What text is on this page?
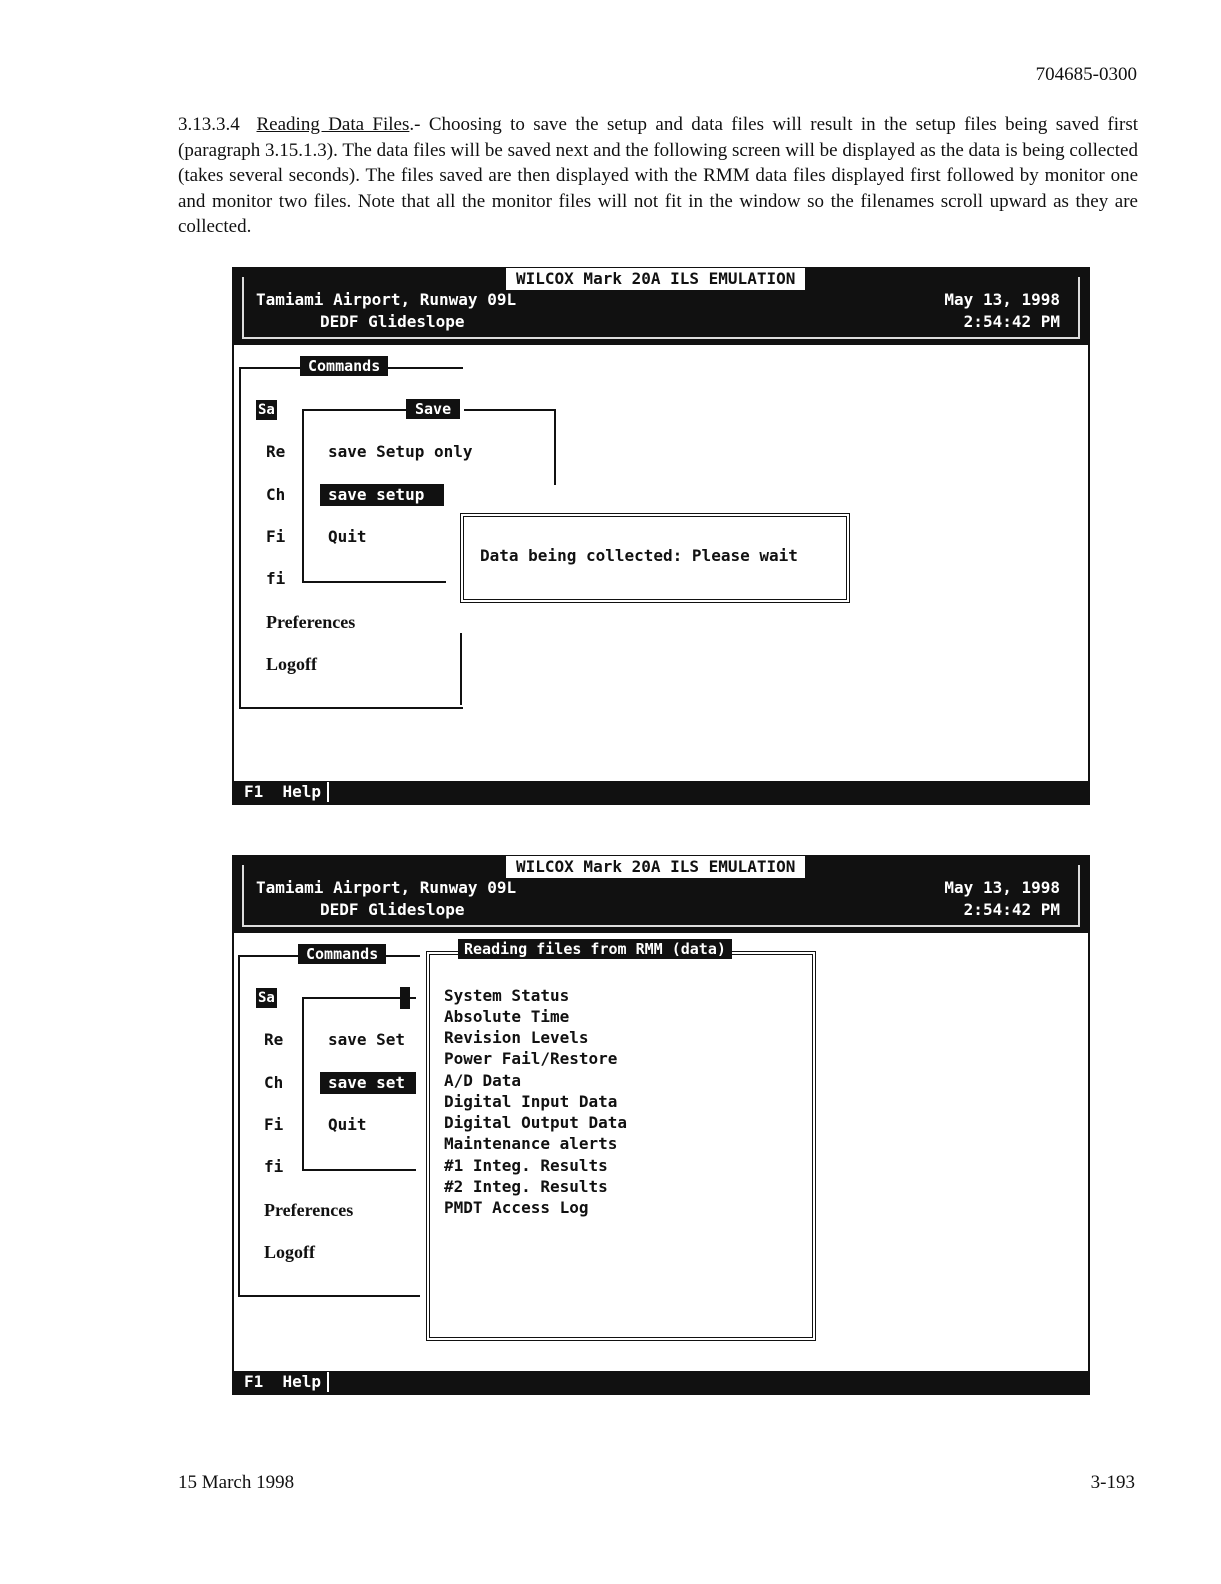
704685-0300
3.13.3.4 Reading Data Files.- Choosing to save the setup and data files will result in the setup files being saved first (paragraph 3.15.1.3). The data files will be saved next and the following screen will be displayed as the data is being collected (takes several seconds). The files saved are then displayed with the RMM data files displayed first followed by monitor one and monitor two files. Note that all the monitor files will not fit in the window so the filenames scroll upward as they are collected.
WILCOX Mark 20A ILS EMULATION
Tamiami Airport, Runway 09L
DEDF Glideslope
May 13, 1998
2:54:42 PM
Commands
Sa
Re
Ch
Fi
fi
Preferences
Logoff
Save
save Setup only
save setup
Quit
Data being collected: Please wait
F1  Help
WILCOX Mark 20A ILS EMULATION
Tamiami Airport, Runway 09L
DEDF Glideslope
May 13, 1998
2:54:42 PM
Commands
Sa
Re
Ch
Fi
fi
Preferences
Logoff
save Set
save set
Quit
Reading files from RMM (data)
System Status
Absolute Time
Revision Levels
Power Fail/Restore
A/D Data
Digital Input Data
Digital Output Data
Maintenance alerts
#1 Integ. Results
#2 Integ. Results
PMDT Access Log
F1  Help
15 March 1998	3-193
